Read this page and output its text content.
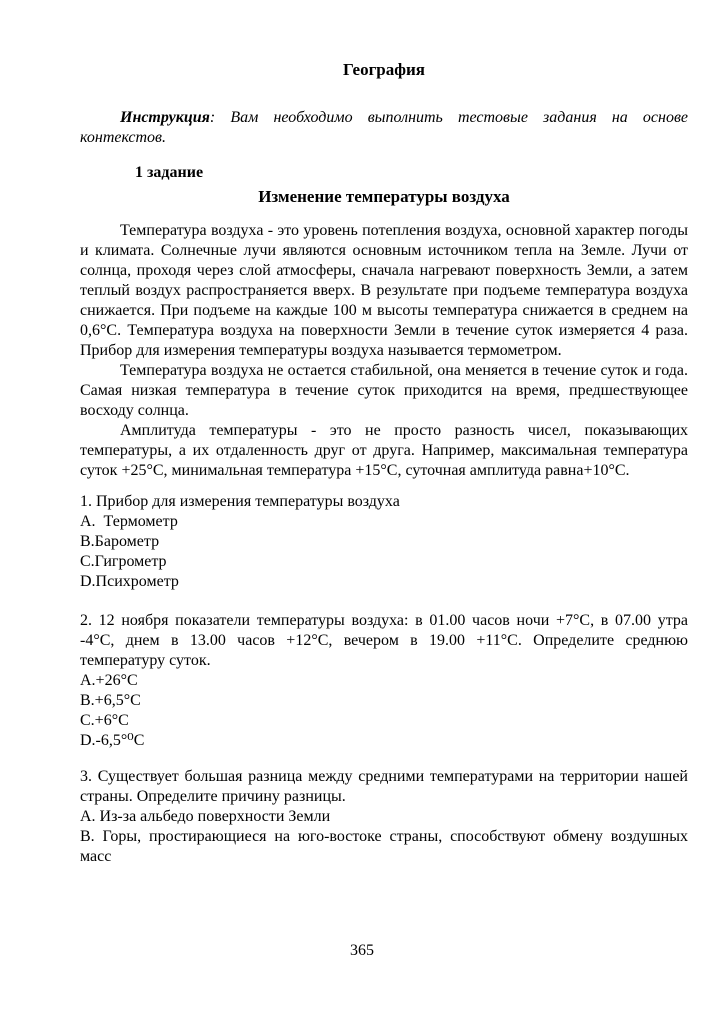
География

Инструкция: Вам необходимо выполнить тестовые задания на основе контекстов.

1 задание

Изменение температуры воздуха

Температура воздуха - это уровень потепления воздуха, основной характер погоды и климата. Солнечные лучи являются основным источником тепла на Земле. Лучи от солнца, проходя через слой атмосферы, сначала нагревают поверхность Земли, а затем теплый воздух распространяется вверх. В результате при подъеме температура воздуха снижается. При подъеме на каждые 100 м высоты температура снижается в среднем на 0,6°С. Температура воздуха на поверхности Земли в течение суток измеряется 4 раза. Прибор для измерения температуры воздуха называется термометром.

Температура воздуха не остается стабильной, она меняется в течение суток и года. Самая низкая температура в течение суток приходится на время, предшествующее восходу солнца.

Амплитуда температуры - это не просто разность чисел, показывающих температуры, а их отдаленность друг от друга. Например, максимальная температура суток +25°С, минимальная температура +15°С, суточная амплитуда равна+10°С.

1. Прибор для измерения температуры воздуха

A.  Термометр

B.Барометр

C.Гигрометр

D.Психрометр

2. 12 ноября показатели температуры воздуха: в 01.00 часов ночи +7°С, в 07.00 утра -4°С, днем в 13.00 часов +12°С, вечером в 19.00 +11°С. Определите среднюю температуру суток.

A.+26°С

B.+6,5°С

C.+6°С

D.-6,5°⁰С

3. Существует большая разница между средними температурами на территории нашей страны. Определите причину разницы.

A. Из-за альбедо поверхности Земли

B. Горы, простирающиеся на юго-востоке страны, способствуют обмену воздушных масс

365
